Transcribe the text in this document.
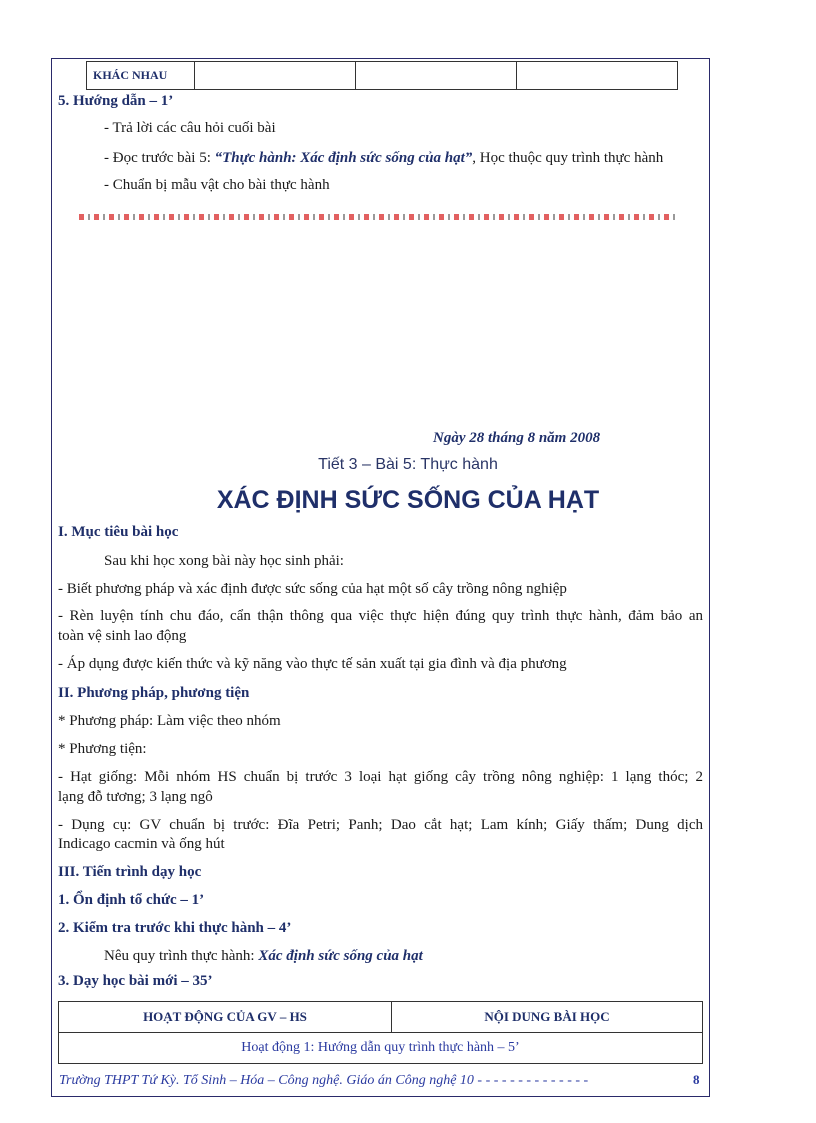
KHÁC NHAU			
5. Hướng dẫn – 1’
- Trả lời các câu hỏi cuối bài
- Đọc trước bài 5: “Thực hành: Xác định sức sống của hạt”, Học thuộc quy trình thực hành
- Chuẩn bị mẫu vật cho bài thực hành
Ngày 28 tháng 8 năm 2008
Tiết 3 – Bài 5: Thực hành
XÁC ĐỊNH SỨC SỐNG CỦA HẠT
I. Mục tiêu bài học
Sau khi học xong bài này học sinh phải:
- Biết phương pháp và xác định được sức sống của hạt một số cây trồng nông nghiệp
- Rèn luyện tính chu đáo, cẩn thận thông qua việc thực hiện đúng quy trình thực hành, đảm bảo an
toàn vệ sinh lao động
- Áp dụng được kiến thức và kỹ năng vào thực tế sản xuất tại gia đình và địa phương
II. Phương pháp, phương tiện
* Phương pháp: Làm việc theo nhóm
* Phương tiện:
- Hạt giống: Mỗi nhóm HS chuẩn bị trước 3 loại hạt giống cây trồng nông nghiệp: 1 lạng thóc; 2
lạng đỗ tương; 3 lạng ngô
- Dụng cụ: GV chuẩn bị trước: Đĩa Petri; Panh; Dao cắt hạt; Lam kính; Giấy thấm; Dung dịch
Indicago cacmin và ống hút
III. Tiến trình dạy học
1. Ổn định tổ chức – 1’
2. Kiểm tra trước khi thực hành – 4’
Nêu quy trình thực hành: Xác định sức sống của hạt
3. Dạy học bài mới – 35’
HOẠT ĐỘNG CỦA GV – HS	NỘI DUNG BÀI HỌC
Hoạt động 1: Hướng dẫn quy trình thực hành – 5’
Trường THPT Tứ Kỳ. Tổ Sinh – Hóa – Công nghệ. Giáo án Công nghệ 10 - - - - - - - - - - - - - -	8
